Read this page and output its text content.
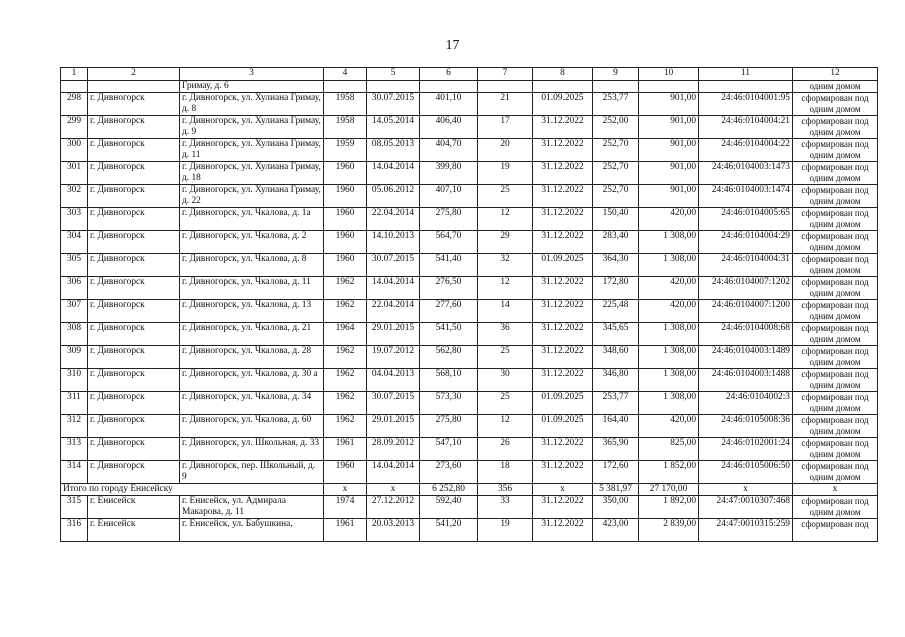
17
1	2	3	4	5	6	7	8	9	10	11	12
		Гримау, д. 6									одним домом
298	г. Дивногорск	г. Дивногорск, ул. Хулиана Гримау, д. 8	1958	30.07.2015	401,10	21	01.09.2025	253,77	901,00	24:46:0104001:95	сформирован под одним домом
299	г. Дивногорск	г. Дивногорск, ул. Хулиана Гримау, д. 9	1958	14.05.2014	406,40	17	31.12.2022	252,00	901,00	24:46:0104004:21	сформирован под одним домом
300	г. Дивногорск	г. Дивногорск, ул. Хулиана Гримау, д. 11	1959	08.05.2013	404,70	20	31.12.2022	252,70	901,00	24:46:0104004:22	сформирован под одним домом
301	г. Дивногорск	г. Дивногорск, ул. Хулиана Гримау, д. 18	1960	14.04.2014	399,80	19	31.12.2022	252,70	901,00	24:46:0104003:1473	сформирован под одним домом
302	г. Дивногорск	г. Дивногорск, ул. Хулиана Гримау, д. 22	1960	05.06.2012	407,10	25	31.12.2022	252,70	901,00	24:46:0104003:1474	сформирован под одним домом
303	г. Дивногорск	г. Дивногорск, ул. Чкалова, д. 1а	1960	22.04.2014	275,80	12	31.12.2022	150,40	420,00	24:46:0104005:65	сформирован под одним домом
304	г. Дивногорск	г. Дивногорск, ул. Чкалова, д. 2	1960	14.10.2013	564,70	29	31.12.2022	283,40	1 308,00	24:46:0104004:29	сформирован под одним домом
305	г. Дивногорск	г. Дивногорск, ул. Чкалова, д. 8	1960	30.07.2015	541,40	32	01.09.2025	364,30	1 308,00	24:46:0104004:31	сформирован под одним домом
306	г. Дивногорск	г. Дивногорск, ул. Чкалова, д. 11	1962	14.04.2014	276,50	12	31.12.2022	172,80	420,00	24:46:0104007:1202	сформирован под одним домом
307	г. Дивногорск	г. Дивногорск, ул. Чкалова, д. 13	1962	22.04.2014	277,60	14	31.12.2022	225,48	420,00	24:46:0104007:1200	сформирован под одним домом
308	г. Дивногорск	г. Дивногорск, ул. Чкалова, д. 21	1964	29.01.2015	541,50	36	31.12.2022	345,65	1 308,00	24:46:0104008:68	сформирован под одним домом
309	г. Дивногорск	г. Дивногорск, ул. Чкалова, д. 28	1962	19.07.2012	562,80	25	31.12.2022	348,60	1 308,00	24:46:0104003:1489	сформирован под одним домом
310	г. Дивногорск	г. Дивногорск, ул. Чкалова, д. 30 а	1962	04.04.2013	568,10	30	31.12.2022	346,80	1 308,00	24:46:0104003:1488	сформирован под одним домом
311	г. Дивногорск	г. Дивногорск, ул. Чкалова, д. 34	1962	30.07.2015	573,30	25	01.09.2025	253,77	1 308,00	24:46:0104002:3	сформирован под одним домом
312	г. Дивногорск	г. Дивногорск, ул. Чкалова, д. 60	1962	29.01.2015	275,80	12	01.09.2025	164,40	420,00	24:46:0105008:36	сформирован под одним домом
313	г. Дивногорск	г. Дивногорск, ул. Школьная, д. 33	1961	28.09.2012	547,10	26	31.12.2022	365,90	825,00	24:46:0102001:24	сформирован под одним домом
314	г. Дивногорск	г. Дивногорск, пер. Школьный, д. 9	1960	14.04.2014	273,60	18	31.12.2022	172,60	1 852,00	24:46:0105006:50	сформирован под одним домом
Итого по городу Енисейску			x	x	6 252,80	356	x	5 381,97	27 170,00	x	x
315	г. Енисейск	г. Енисейск, ул. Адмирала Макарова, д. 11	1974	27.12.2012	592,40	33	31.12.2022	350,00	1 892,00	24:47:0010307:468	сформирован под одним домом
316	г. Енисейск	г. Енисейск, ул. Бабушкина,	1961	20.03.2013	541,20	19	31.12.2022	423,00	2 839,00	24:47:0010315:259	сформирован под
